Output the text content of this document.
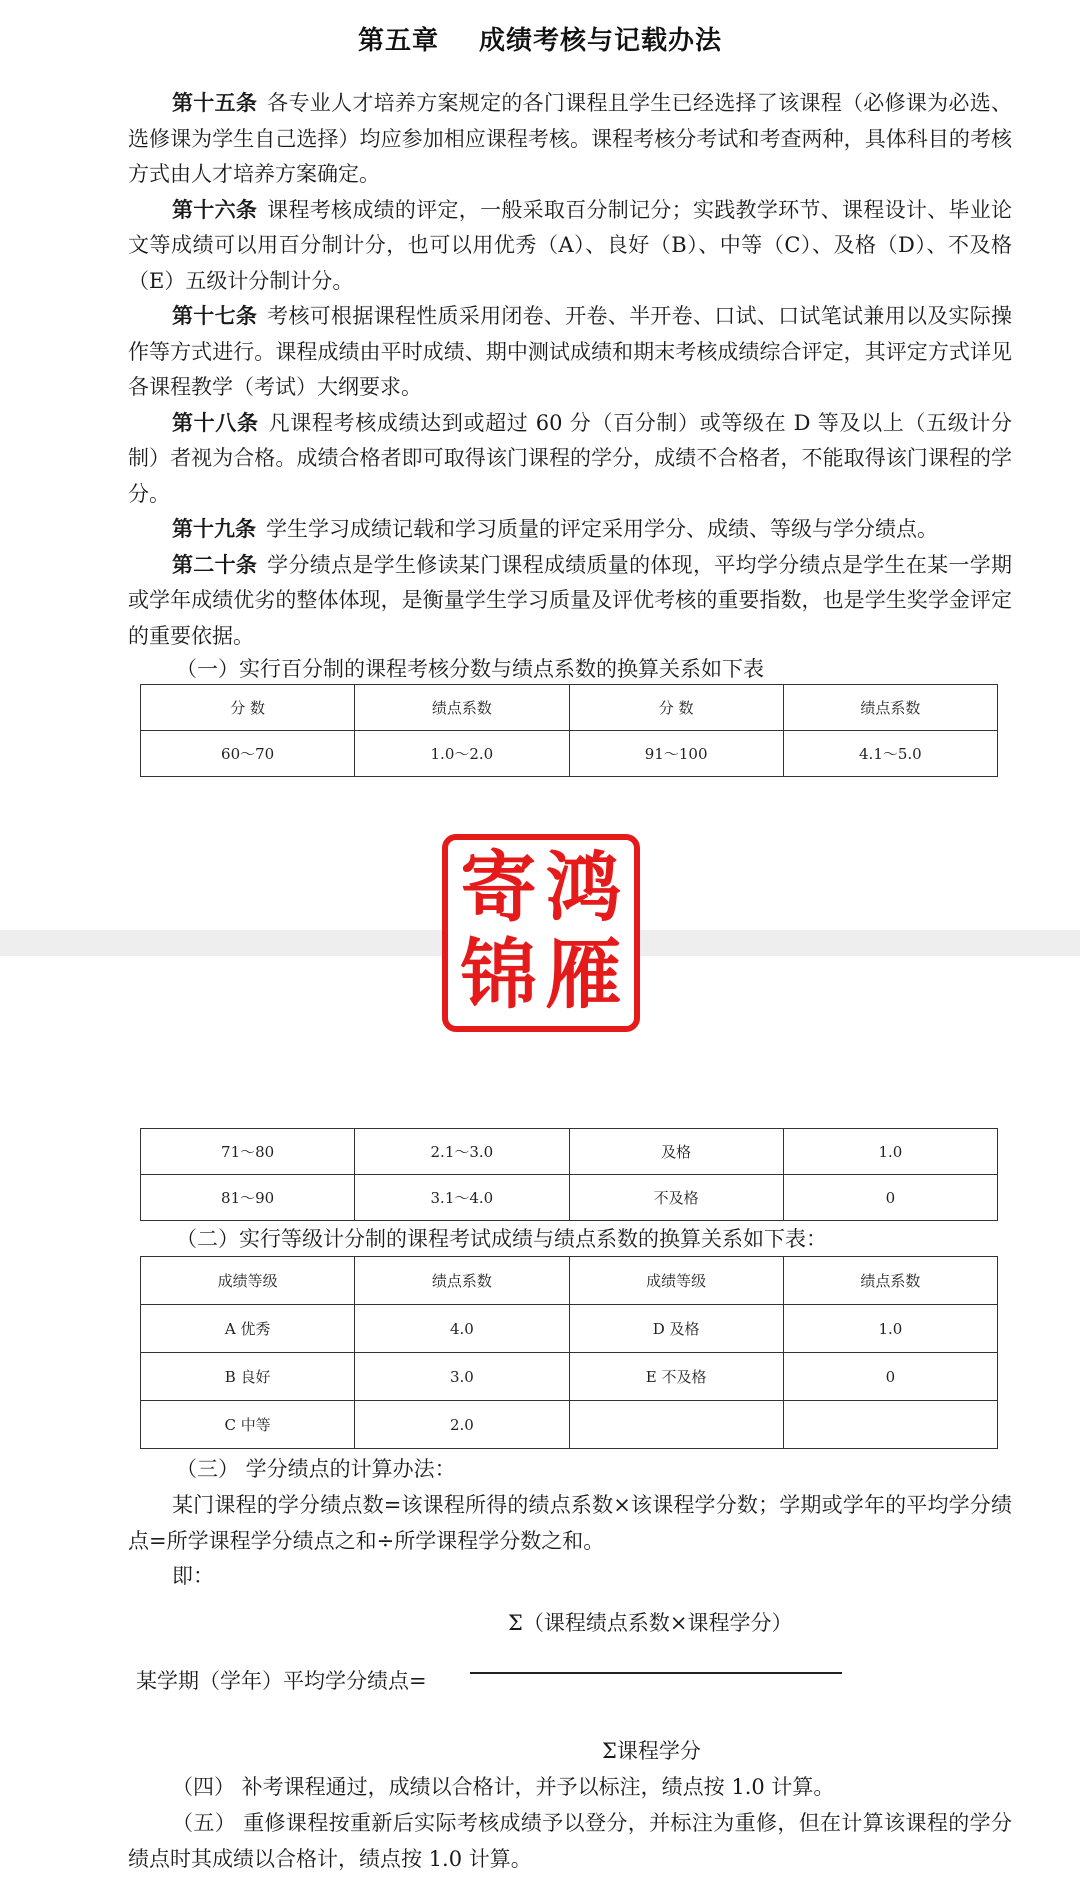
第五章 成绩考核与记载办法

第十五条 各专业人才培养方案规定的各门课程且学生已经选择了该课程（必修课为必选、选修课为学生自己选择）均应参加相应课程考核。课程考核分考试和考查两种，具体科目的考核方式由人才培养方案确定。

第十六条 课程考核成绩的评定，一般采取百分制记分；实践教学环节、课程设计、毕业论文等成绩可以用百分制计分，也可以用优秀（A）、良好（B）、中等（C）、及格（D）、不及格（E）五级计分制计分。

第十七条 考核可根据课程性质采用闭卷、开卷、半开卷、口试、口试笔试兼用以及实际操作等方式进行。课程成绩由平时成绩、期中测试成绩和期末考核成绩综合评定，其评定方式详见各课程教学（考试）大纲要求。

第十八条 凡课程考核成绩达到或超过 60 分（百分制）或等级在 D 等及以上（五级计分制）者视为合格。成绩合格者即可取得该门课程的学分，成绩不合格者，不能取得该门课程的学分。

第十九条 学生学习成绩记载和学习质量的评定采用学分、成绩、等级与学分绩点。

第二十条 学分绩点是学生修读某门课程成绩质量的体现，平均学分绩点是学生在某一学期或学年成绩优劣的整体体现，是衡量学生学习质量及评优考核的重要指数，也是学生奖学金评定的重要依据。

（一）实行百分制的课程考核分数与绩点系数的换算关系如下表
分 数	绩点系数	分 数	绩点系数
60～70	1.0～2.0	91～100	4.1～5.0
71～80	2.1～3.0	及格	1.0
81～90	3.1～4.0	不及格	0
（二）实行等级计分制的课程考试成绩与绩点系数的换算关系如下表：
成绩等级	绩点系数	成绩等级	绩点系数
A 优秀	4.0	D 及格	1.0
B 良好	3.0	E 不及格	0
C 中等	2.0		
（三） 学分绩点的计算办法：

某门课程的学分绩点数=该课程所得的绩点系数×该课程学分数；学期或学年的平均学分绩点=所学课程学分绩点之和÷所学课程学分数之和。

即：

Σ（课程绩点系数×课程学分）
某学期（学年）平均学分绩点=
Σ课程学分

（四） 补考课程通过，成绩以合格计，并予以标注，绩点按 1.0 计算。

（五） 重修课程按重新后实际考核成绩予以登分，并标注为重修，但在计算该课程的学分绩点时其成绩以合格计，绩点按 1.0 计算。

寄 鸿
锦 雁
